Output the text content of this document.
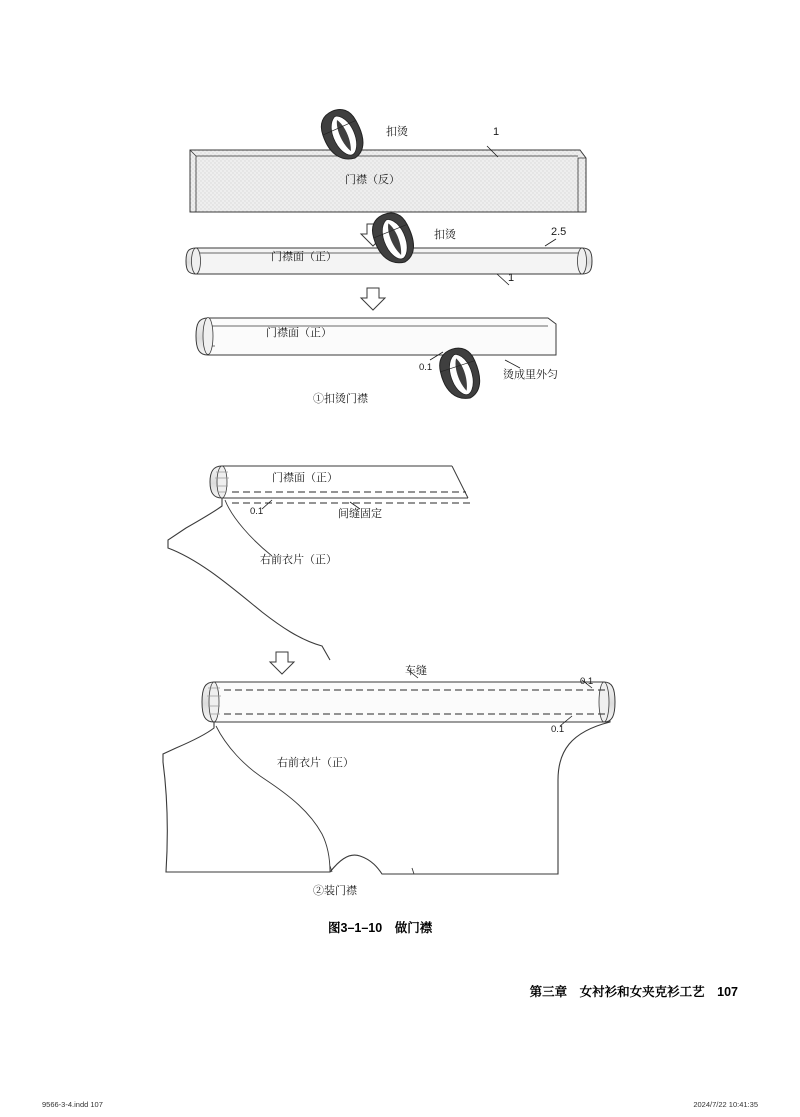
扣烫	1
门襟（反）
扣烫	2.5
门襟面（正）
1
门襟面（正）
0.1
烫成里外匀
①扣烫门襟
门襟面（正）
0.1	间缝固定
右前衣片（正）
车缝
0.1
0.1
右前衣片（正）
②装门襟
图3–1–10　做门襟
第三章　女衬衫和女夹克衫工艺　107
9566-3-4.indd 107	2024/7/22 10:41:35
